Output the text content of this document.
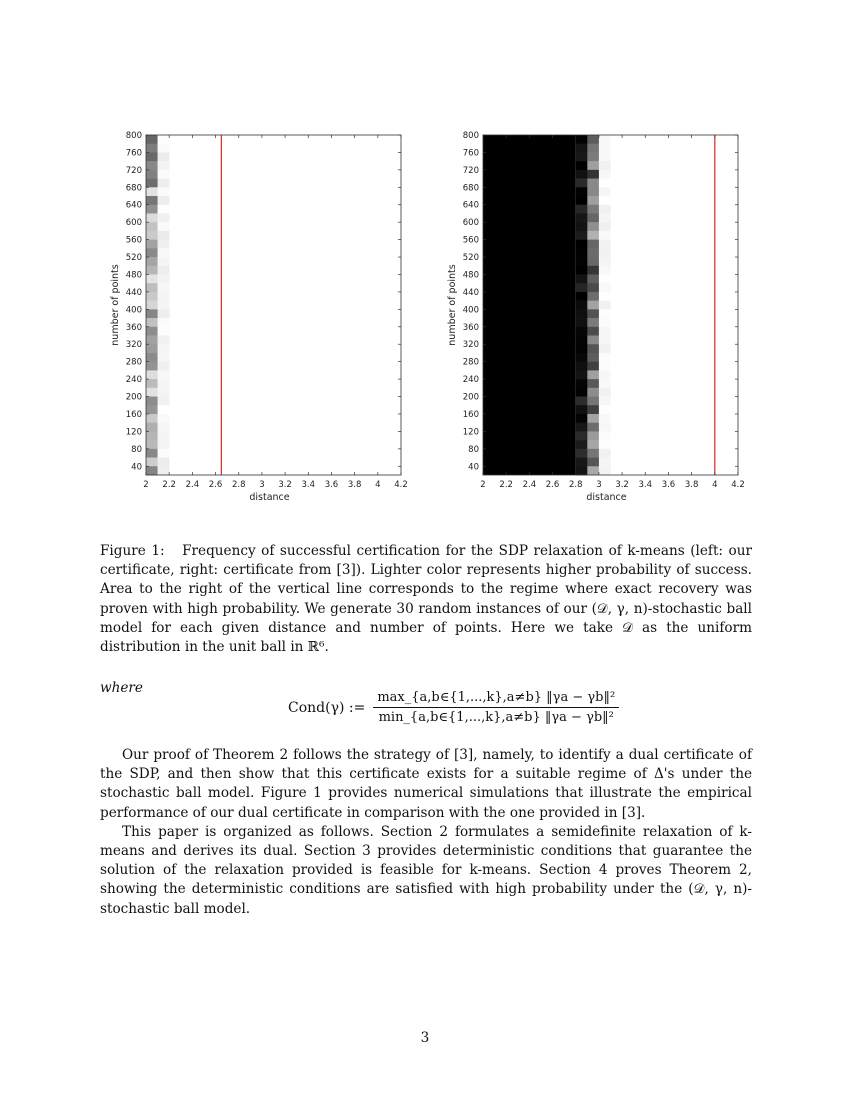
800
760
720
680
640
600
560
520
480
440
400
360
320
280
240
200
160
120
80
40
2 2.2 2.4 2.6 2.8 3 3.2 3.4 3.6 3.8 4 4.2
distance
number of points
800
760
720
680
640
600
560
520
480
440
400
360
320
280
240
200
160
120
80
40
2 2.2 2.4 2.6 2.8 3 3.2 3.4 3.6 3.8 4 4.2
distance
number of points
Figure 1: Frequency of successful certification for the SDP relaxation of k-means (left: our certificate, right: certificate from [3]). Lighter color represents higher probability of success. Area to the right of the vertical line corresponds to the regime where exact recovery was proven with high probability. We generate 30 random instances of our (𝒟, γ, n)-stochastic ball model for each given distance and number of points. Here we take 𝒟 as the uniform distribution in the unit ball in ℝ⁶.
where
Cond(γ) := $\frac{\text{max\_\{a,b∈\{1,...,k\},a≠b\} ‖γa − γb‖²}}{\text{min\_\{a,b∈\{1,...,k\},a≠b\} ‖γa − γb‖²}}$

Our proof of Theorem 2 follows the strategy of [3], namely, to identify a dual certificate of the SDP, and then show that this certificate exists for a suitable regime of Δ's under the stochastic ball model. Figure 1 provides numerical simulations that illustrate the empirical performance of our dual certificate in comparison with the one provided in [3].

This paper is organized as follows. Section 2 formulates a semidefinite relaxation of k-means and derives its dual. Section 3 provides deterministic conditions that guarantee the solution of the relaxation provided is feasible for k-means. Section 4 proves Theorem 2, showing the deterministic conditions are satisfied with high probability under the (𝒟, γ, n)-stochastic ball model.

3
